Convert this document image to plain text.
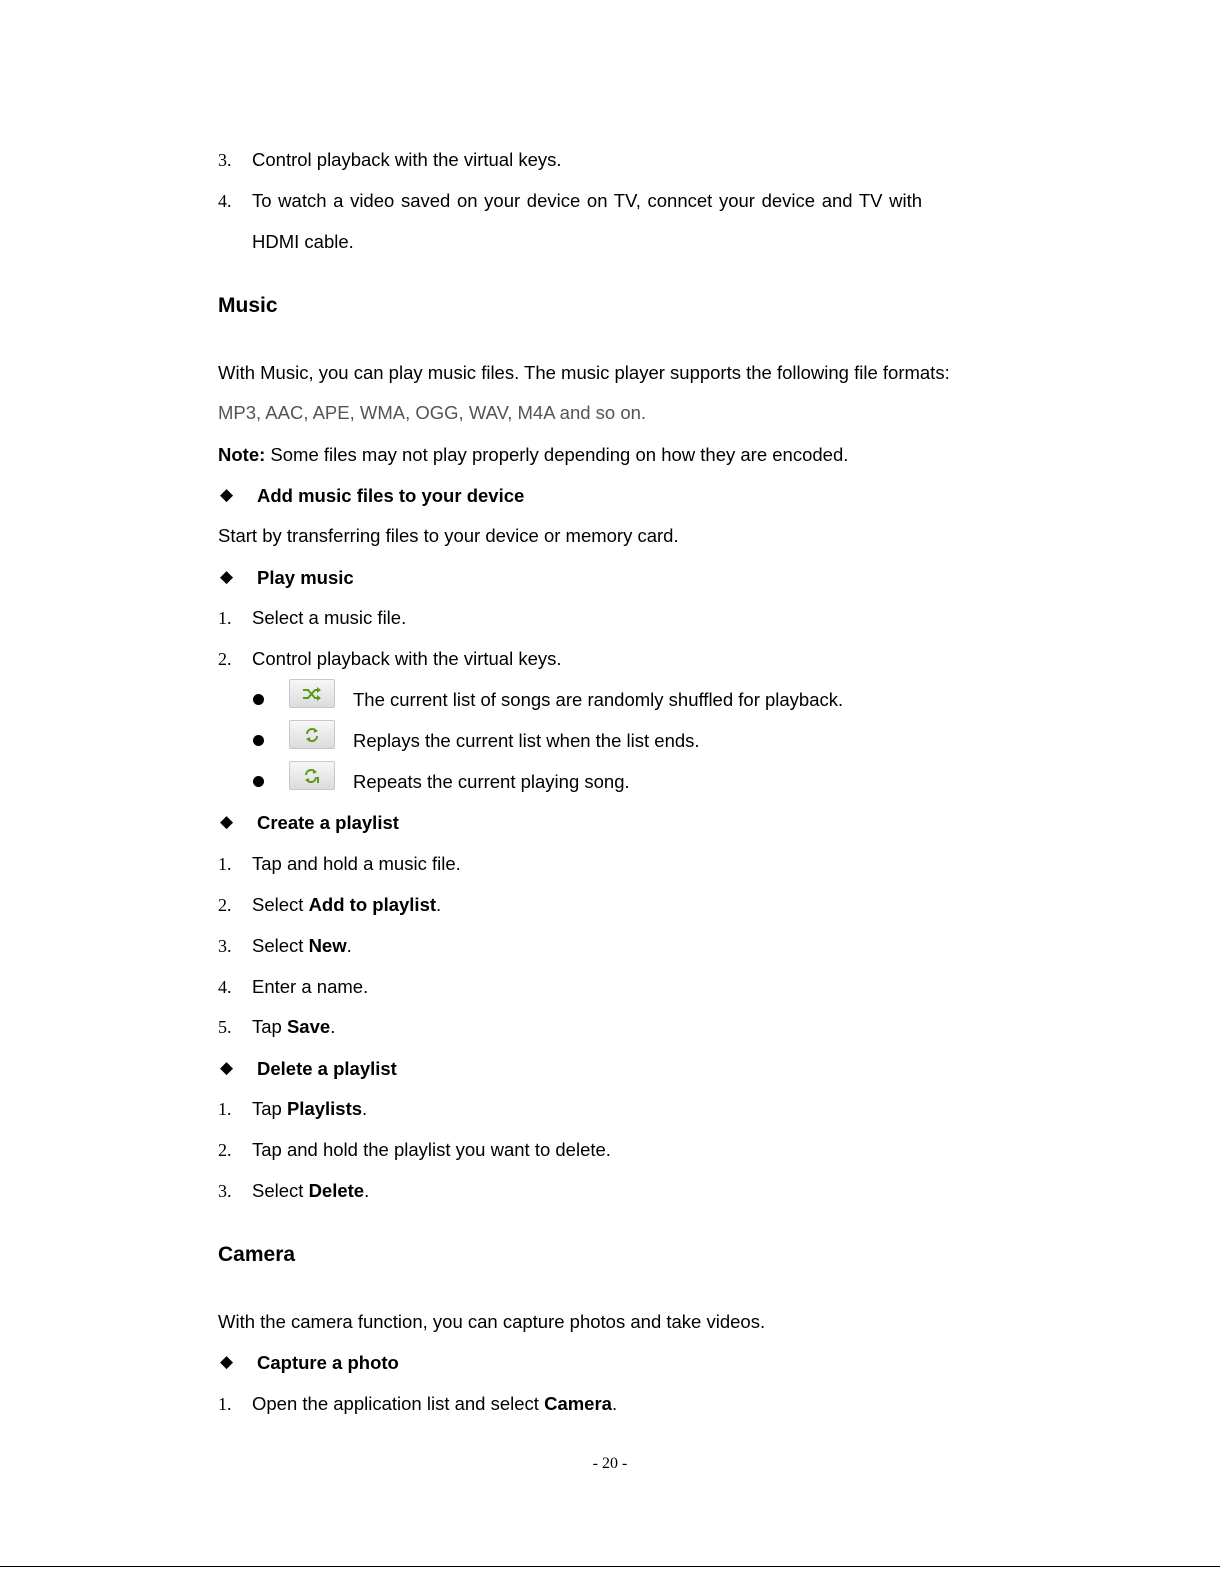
3. Control playback with the virtual keys.
4. To watch a video saved on your device on TV, conncet your device and TV with
HDMI cable.
Music
With Music, you can play music files. The music player supports the following file formats:
MP3, AAC, APE, WMA, OGG, WAV, M4A and so on.
Note: Some files may not play properly depending on how they are encoded.
◆ Add music files to your device
Start by transferring files to your device or memory card.
◆ Play music
1. Select a music file.
2. Control playback with the virtual keys.
The current list of songs are randomly shuffled for playback.
Replays the current list when the list ends.
Repeats the current playing song.
◆ Create a playlist
1. Tap and hold a music file.
2. Select Add to playlist.
3. Select New.
4. Enter a name.
5. Tap Save.
◆ Delete a playlist
1. Tap Playlists.
2. Tap and hold the playlist you want to delete.
3. Select Delete.
Camera
With the camera function, you can capture photos and take videos.
◆ Capture a photo
1. Open the application list and select Camera.
- 20 -
